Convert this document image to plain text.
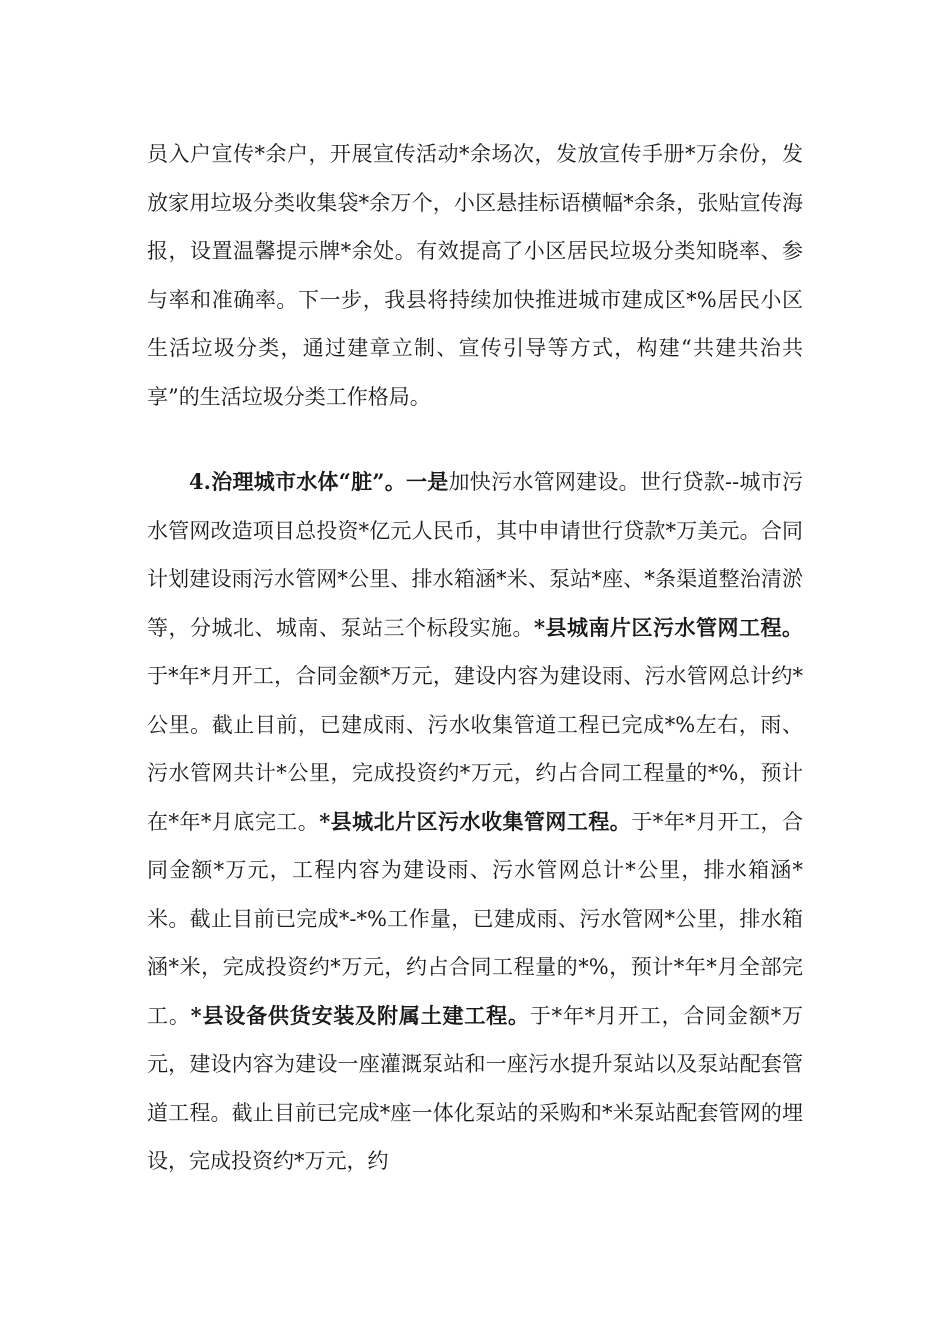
员入户宣传*余户，开展宣传活动*余场次，发放宣传手册*万余份，发放家用垃圾分类收集袋*余万个，小区悬挂标语横幅*余条，张贴宣传海报，设置温馨提示牌*余处。有效提高了小区居民垃圾分类知晓率、参与率和准确率。下一步，我县将持续加快推进城市建成区*%居民小区生活垃圾分类，通过建章立制、宣传引导等方式，构建“共建共治共享”的生活垃圾分类工作格局。

4.治理城市水体“脏”。一是加快污水管网建设。世行贷款--城市污水管网改造项目总投资*亿元人民币，其中申请世行贷款*万美元。合同计划建设雨污水管网*公里、排水箱涵*米、泵站*座、*条渠道整治清淤等，分城北、城南、泵站三个标段实施。*县城南片区污水管网工程。于*年*月开工，合同金额*万元，建设内容为建设雨、污水管网总计约*公里。截止目前，已建成雨、污水收集管道工程已完成*%左右，雨、污水管网共计*公里，完成投资约*万元，约占合同工程量的*%，预计在*年*月底完工。*县城北片区污水收集管网工程。于*年*月开工，合同金额*万元，工程内容为建设雨、污水管网总计*公里，排水箱涵*米。截止目前已完成*-*%工作量，已建成雨、污水管网*公里，排水箱涵*米，完成投资约*万元，约占合同工程量的*%，预计*年*月全部完工。*县设备供货安装及附属土建工程。于*年*月开工，合同金额*万元，建设内容为建设一座灌溉泵站和一座污水提升泵站以及泵站配套管道工程。截止目前已完成*座一体化泵站的采购和*米泵站配套管网的埋设，完成投资约*万元，约
